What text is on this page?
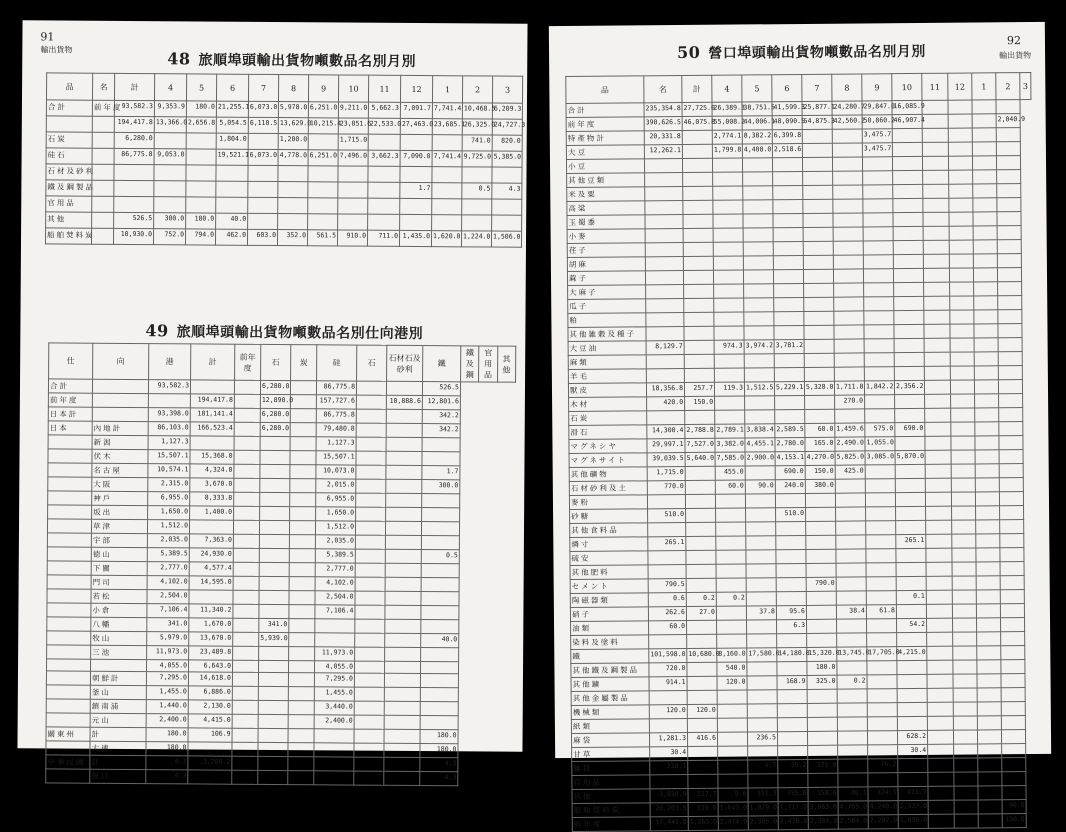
91
輸出貨物	48 旅順埠頭輸出貨物噸數品名別月別
品	名	計	4	5	6	7	8	9	10	11	12	1	2	3
合計	前年度	93,582.3	9,353.9	180.0	21,255.1	6,073.0	5,978.0	6,251.0	9,211.0	5,662.3	7,091.7	7,741.4	10,468.5	6,209.3
		194,417.8	13,366.0	2,656.8	5,054.5	6,110.5	13,629.0	10,215.4	23,851.6	22,533.0	27,463.0	23,685.1	26,325.0	24,727.3
石炭		6,280.0			1,804.0		1,200.0		1,715.0				741.0	820.0
硅石		86,775.8	9,053.0		19,521.1	6,073.0	4,778.0	6,251.0	7,496.0	3,662.3	7,090.0	7,741.4	9,725.0	5,385.0
石材及砂利														
鐵及鋼製品											1.7		0.5	4.3
官用品														
其他		526.5	300.0	180.0	40.0									
船舶焚料炭		10,930.0	752.0	794.0	462.0	603.0	352.0	561.5	910.0	711.0	1,435.0	1,620.0	1,224.0	1,506.0
49 旅順埠頭輸出貨物噸數品名別仕向港別
仕	向	港	計	前年度	石	炭	硅	石	石材石及砂利	鐵	鐵及鋼	官用品	其他
合計		93,582.3			6,280.0		86,775.8			526.5			
前年度			194,417.8		12,890.0		157,727.6		10,888.6	12,801.6			
日本計		93,398.0	181,141.4		6,280.0		86,775.8			342.2			
日本	內地計	86,103.0	166,523.4		6,280.0		79,480.8			342.2			
	新潟	1,127.3					1,127.3						
	伏木	15,507.1	15,368.0				15,507.1						
	名古屋	10,574.1	4,324.0				10,073.0			1.7			
	大阪	2,315.0	3,670.0				2,015.0			300.0			
	神戶	6,955.0	8,333.8				6,955.0						
	坂出	1,650.0	1,400.0				1,650.0						
	草津	1,512.0					1,512.0						
	宇部	2,035.0	7,363.0				2,035.0						
	徳山	5,389.5	24,930.0				5,389.5			0.5			
	下關	2,777.0	4,577.4				2,777.0						
	門司	4,102.0	14,595.0				4,102.0						
	若松	2,504.0					2,504.0						
	小倉	7,106.4	11,340.2				7,106.4						
	八幡	341.0	1,670.0		341.0								
	牧山	5,979.0	13,670.0		5,939.0					40.0			
	三池	11,973.0	23,489.8				11,973.0						
		4,055.0	6,643.0				4,055.0						
	朝鮮計	7,295.0	14,618.0				7,295.0						
	釜山	1,455.0	6,886.0				1,455.0						
	鎮南浦	1,440.0	2,130.0				3,440.0						
	元山	2,400.0	4,415.0				2,400.0						
關東州	計	180.0	106.9							180.0			
	大連	180.0								180.0			
中華民國	計	4.3	3,200.2							4.3			
	營口	4.3								4.3			
92
輸出貨物
50 營口埠頭輸出貨物噸數品名別月別
品	名	計	4	5	6	7	8	9	10	11	12	1	2	3
合計	235,354.8	27,725.0	26,389.3	38,751.5	41,599.3	25,877.1	24,280.7	29,847.0	16,085.9					
前年度	390,626.5	46,075.8	55,008.2	44,006.1	48,090.5	54,875.3	42,560.2	50,860.2	46,907.4				2,040.9	
特產物計	20,331.8		2,774.1	8,382.2	6,399.8			3,475.7						
大豆	12,262.1		1,799.8	4,408.0	2,518.6			3,475.7						
小豆														
其他豆類														
米及粟														
高粱														
玉蜀黍														
小麥														
荏子														
胡麻														
蔴子														
大麻子														
瓜子														
粕														
其他雑穀及種子														
大豆油	8,129.7		974.3	3,974.2	3,781.2									
麻類														
羊毛														
獸皮	18,356.8	257.7	119.3	1,512.5	5,229.1	5,328.0	1,711.8	1,842.2	2,356.2					
木材	420.0	150.0					270.0							
石炭														
滑石	14,300.4	2,788.8	2,789.1	3,838.4	2,589.5	60.0	1,459.6	575.0	690.0					
マグネシヤ	29,997.1	7,527.0	3,382.0	4,455.1	2,780.0	165.0	2,490.0	1,055.0						
マグネサイト	39,039.5	5,640.0	7,585.0	2,900.0	4,153.1	4,270.0	5,825.0	3,085.0	5,870.0					
其他礦物	1,715.0		455.0		690.0	150.0	425.0							
石材砂利及土	770.0		60.0	90.0	240.0	380.0								
麥粉														
砂糖	510.0				510.0									
其他食料品														
燐寸	265.1								265.1					
硫安														
其他肥料														
セメント	790.5					790.0								
陶磁器類	0.6	0.2	0.2						0.1					
硝子	262.6	27.0		37.8	95.6		38.4	61.8						
油類	60.0				6.3				54.2					
染料及塗料														
鐵	101,598.0	10,680.0	8,160.0	17,580.0	14,180.0	15,320.0	13,745.0	17,705.0	4,215.0					
其他鐵及鋼製品	720.0		540.0			180.0								
其他鑛	914.1		120.0		168.9	325.0	0.2							
其他金屬製品														
機械類	120.0	120.0												
紙類														
麻袋	1,281.3	416.6		236.5					628.2					
甘草	30.4								30.4					
雑貨	238.1			4.7	35.2	125.0		76.2						
官用品														
其他	3,038.9	517.7	9.6	311.3	755.8	158.6	40.1	324.1	921.7					
船舶焚料炭	20,203.6	519.0	1,643.0	1,829.0	1,717.0	3,063.0	4,765.0	4,240.0	2,537.0				90.0	
前年度	17,441.0	1,265.0	2,474.0	2,385.0	2,478.0	2,304.0	2,584.0	2,202.0	1,899.0				150.0	
